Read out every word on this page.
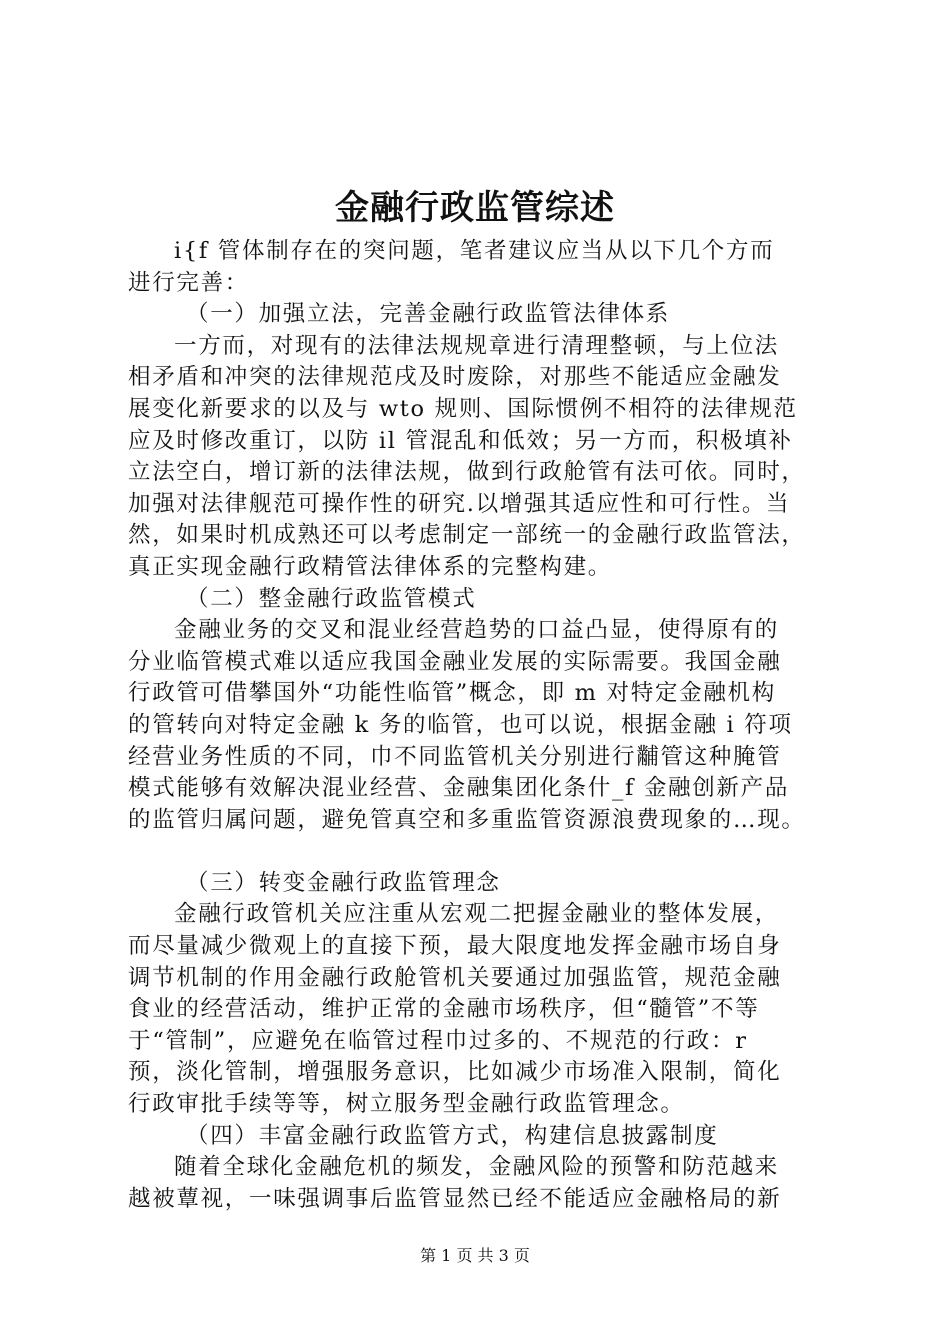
金融行政监管综述
i{f 管体制存在的突问题，笔者建议应当从以下几个方而
进行完善：
（一）加强立法，完善金融行政监管法律体系
一方而，对现有的法律法规规章进行清理整顿，与上位法
相矛盾和冲突的法律规范戌及时废除，对那些不能适应金融发
展变化新要求的以及与 wto 规则、国际惯例不相符的法律规范
应及时修改重订，以防 il 管混乱和低效；另一方而，积极填补
立法空白，增订新的法律法规，做到行政舱管有法可依。同时，
加强对法律舰范可操作性的研究.以增强其适应性和可行性。当
然，如果时机成熟还可以考虑制定一部统一的金融行政监管法，
真正实现金融行政精管法律体系的完整构建。
（二）整金融行政监管模式
金融业务的交叉和混业经营趋势的口益凸显，使得原有的
分业临管模式难以适应我国金融业发展的实际需要。我国金融
行政管可借攀国外“功能性临管”概念，即 m 对特定金融机构
的管转向对特定金融 k 务的临管，也可以说，根据金融 i 符项
经营业务性质的不同，巾不同监管机关分别进行黼管这种腌管
模式能够有效解决混业经营、金融集团化条什_f 金融创新产品
的监管归属问题，避免管真空和多重监管资源浪费现象的…现。
（三）转变金融行政监管理念
金融行政管机关应注重从宏观二把握金融业的整体发展，
而尽量减少微观上的直接下预，最大限度地发挥金融市场自身
调节机制的作用金融行政舱管机关要通过加强监管，规范金融
食业的经营活动，维护正常的金融市场秩序，但“髓管”不等
于“管制”，应避免在临管过程巾过多的、不规范的行政：r
预，淡化管制，增强服务意识，比如减少市场准入限制，简化
行政审批手续等等，树立服务型金融行政监管理念。
（四）丰富金融行政监管方式，构建信息披露制度
随着全球化金融危机的频发，金融风险的预警和防范越来
越被蕈视，一味强调事后监管显然已经不能适应金融格局的新
第 1 页 共 3 页
